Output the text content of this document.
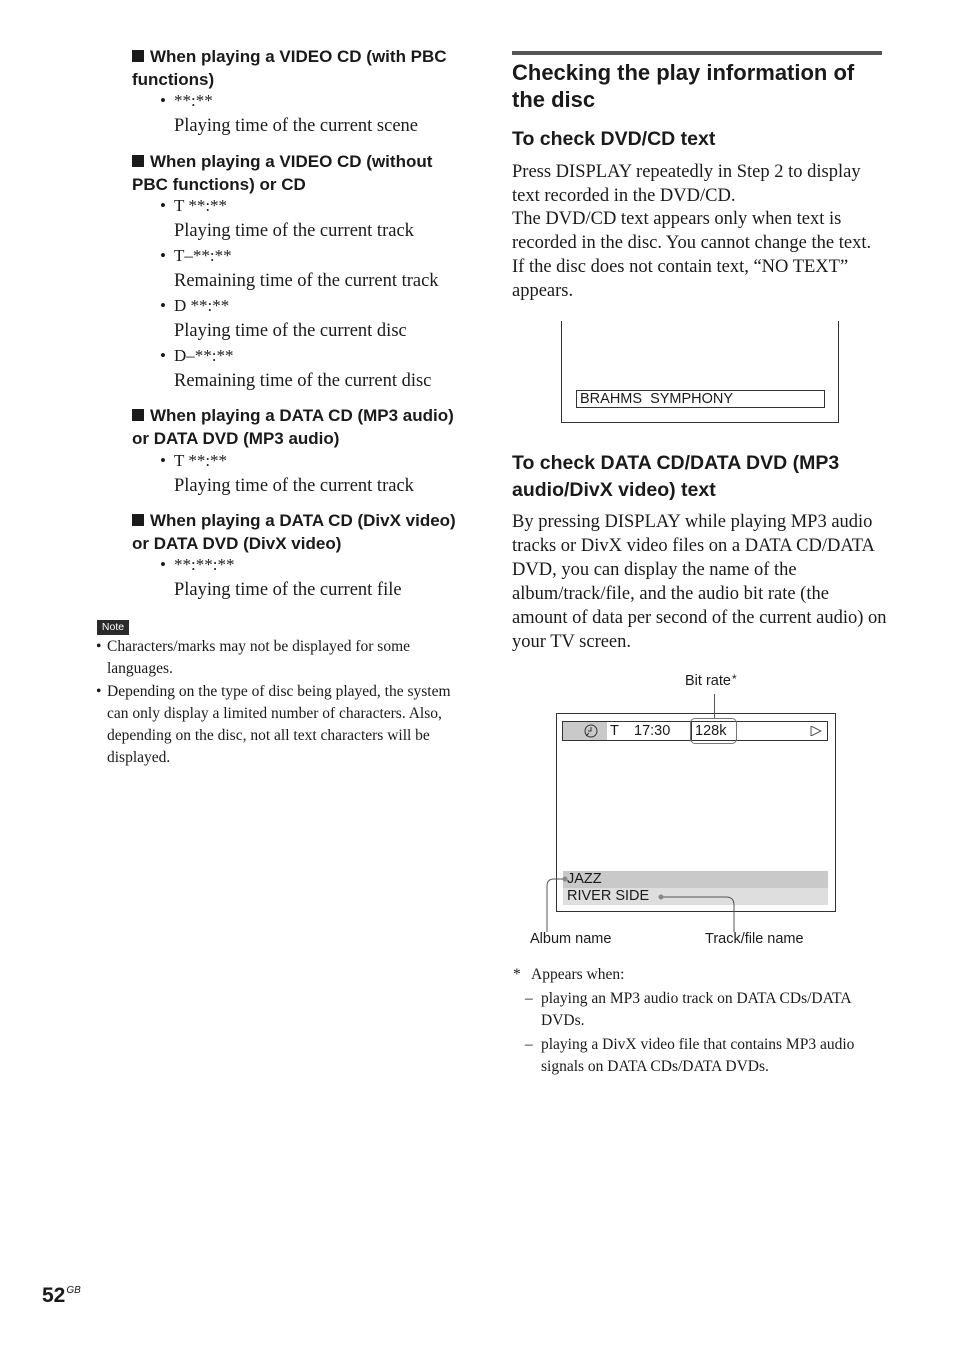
When playing a VIDEO CD (with PBC functions)
• **:**
Playing time of the current scene
When playing a VIDEO CD (without PBC functions) or CD
• T **:**
Playing time of the current track
• T–**:**
Remaining time of the current track
• D **:**
Playing time of the current disc
• D–**:**
Remaining time of the current disc
When playing a DATA CD (MP3 audio) or DATA DVD (MP3 audio)
• T **:**
Playing time of the current track
When playing a DATA CD (DivX video) or DATA DVD (DivX video)
• **:**:**
Playing time of the current file
Note
• Characters/marks may not be displayed for some languages.
• Depending on the type of disc being played, the system can only display a limited number of characters. Also, depending on the disc, not all text characters will be displayed.
Checking the play information of the disc
To check DVD/CD text
Press DISPLAY repeatedly in Step 2 to display text recorded in the DVD/CD.
The DVD/CD text appears only when text is recorded in the disc. You cannot change the text. If the disc does not contain text, “NO TEXT” appears.
BRAHMS  SYMPHONY
To check DATA CD/DATA DVD (MP3 audio/DivX video) text
By pressing DISPLAY while playing MP3 audio tracks or DivX video files on a DATA CD/DATA DVD, you can display the name of the album/track/file, and the audio bit rate (the amount of data per second of the current audio) on your TV screen.
Bit rate*
T 17:30 128k
JAZZ
RIVER SIDE
Album name	Track/file name
* Appears when:
– playing an MP3 audio track on DATA CDs/DATA DVDs.
– playing a DivX video file that contains MP3 audio signals on DATA CDs/DATA DVDs.
$52^{GB}$
